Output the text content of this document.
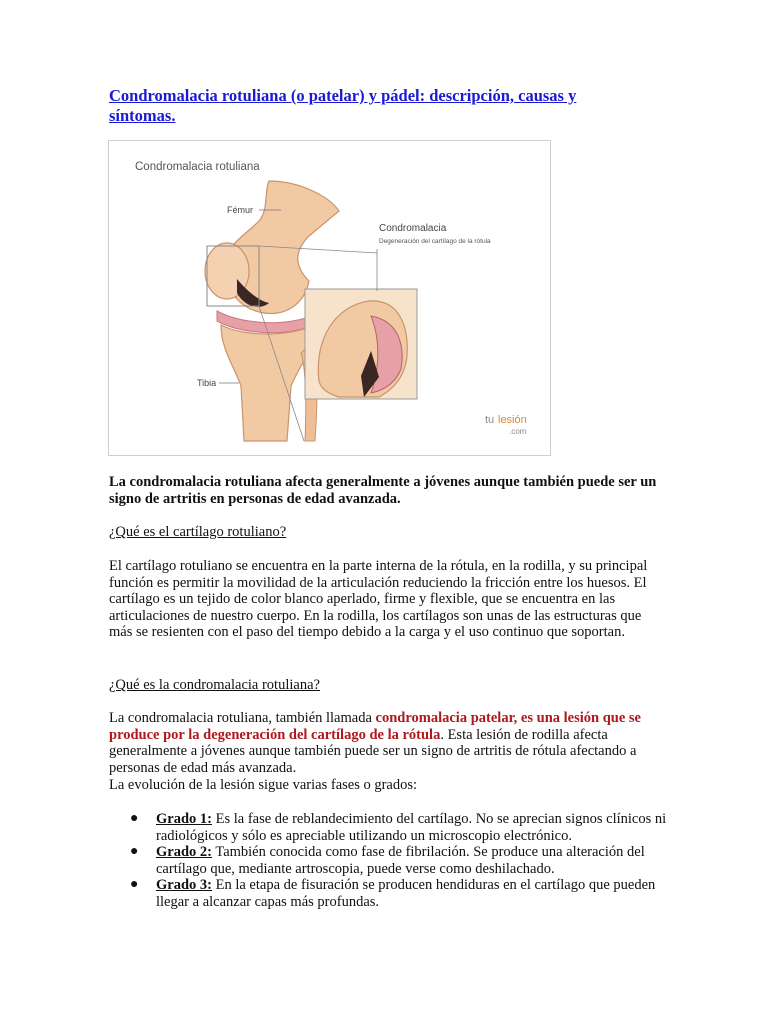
Condromalacia rotuliana (o patelar) y pádel: descripción, causas y síntomas.
Condromalacia rotuliana
Fémur
Condromalacia
Degeneración del cartílago de la rótula
Tibia
tu lesión
.com

La condromalacia rotuliana afecta generalmente a jóvenes aunque también puede ser un signo de artritis en personas de edad avanzada.

¿Qué es el cartílago rotuliano?

El cartílago rotuliano se encuentra en la parte interna de la rótula, en la rodilla, y su principal función es permitir la movilidad de la articulación reduciendo la fricción entre los huesos. El cartílago es un tejido de color blanco aperlado, firme y flexible, que se encuentra en las articulaciones de nuestro cuerpo. En la rodilla, los cartílagos son unas de las estructuras que más se resienten con el paso del tiempo debido a la carga y el uso continuo que soportan.

¿Qué es la condromalacia rotuliana?

La condromalacia rotuliana, también llamada condromalacia patelar, es una lesión que se produce por la degeneración del cartílago de la rótula. Esta lesión de rodilla afecta generalmente a jóvenes aunque también puede ser un signo de artritis de rótula afectando a personas de edad más avanzada.

La evolución de la lesión sigue varias fases o grados:

● Grado 1: Es la fase de reblandecimiento del cartílago. No se aprecian signos clínicos ni radiológicos y sólo es apreciable utilizando un microscopio electrónico.
● Grado 2: También conocida como fase de fibrilación. Se produce una alteración del cartílago que, mediante artroscopia, puede verse como deshilachado.
● Grado 3: En la etapa de fisuración se producen hendiduras en el cartílago que pueden llegar a alcanzar capas más profundas.
